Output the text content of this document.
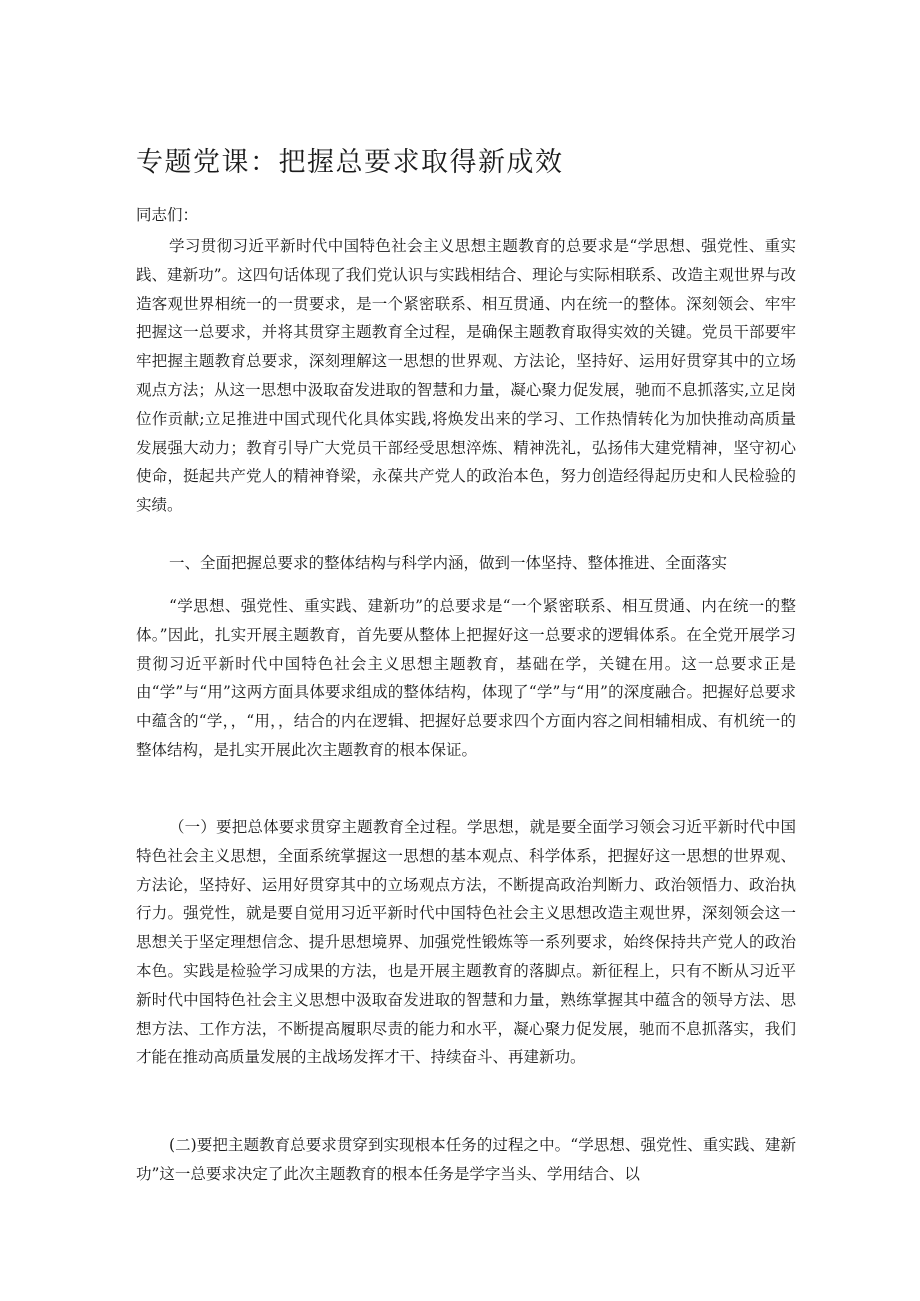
专题党课：把握总要求取得新成效

同志们：

学习贯彻习近平新时代中国特色社会主义思想主题教育的总要求是“学思想、强党性、重实践、建新功”。这四句话体现了我们党认识与实践相结合、理论与实际相联系、改造主观世界与改造客观世界相统一的一贯要求，是一个紧密联系、相互贯通、内在统一的整体。深刻领会、牢牢把握这一总要求，并将其贯穿主题教育全过程，是确保主题教育取得实效的关键。党员干部要牢牢把握主题教育总要求，深刻理解这一思想的世界观、方法论，坚持好、运用好贯穿其中的立场观点方法；从这一思想中汲取奋发进取的智慧和力量，凝心聚力促发展，驰而不息抓落实,立足岗位作贡献;立足推进中国式现代化具体实践,将焕发出来的学习、工作热情转化为加快推动高质量发展强大动力；教育引导广大党员干部经受思想淬炼、精神洗礼，弘扬伟大建党精神，坚守初心使命，挺起共产党人的精神脊梁，永葆共产党人的政治本色，努力创造经得起历史和人民检验的实绩。

一、全面把握总要求的整体结构与科学内涵，做到一体坚持、整体推进、全面落实

“学思想、强党性、重实践、建新功”的总要求是“一个紧密联系、相互贯通、内在统一的整体。”因此，扎实开展主题教育，首先要从整体上把握好这一总要求的逻辑体系。在全党开展学习贯彻习近平新时代中国特色社会主义思想主题教育，基础在学，关键在用。这一总要求正是由“学”与“用”这两方面具体要求组成的整体结构，体现了“学”与“用”的深度融合。把握好总要求中蕴含的“学，，“用，，结合的内在逻辑、把握好总要求四个方面内容之间相辅相成、有机统一的整体结构，是扎实开展此次主题教育的根本保证。

（一）要把总体要求贯穿主题教育全过程。学思想，就是要全面学习领会习近平新时代中国特色社会主义思想，全面系统掌握这一思想的基本观点、科学体系，把握好这一思想的世界观、方法论，坚持好、运用好贯穿其中的立场观点方法，不断提高政治判断力、政治领悟力、政治执行力。强党性，就是要自觉用习近平新时代中国特色社会主义思想改造主观世界，深刻领会这一思想关于坚定理想信念、提升思想境界、加强党性锻炼等一系列要求，始终保持共产党人的政治本色。实践是检验学习成果的方法，也是开展主题教育的落脚点。新征程上，只有不断从习近平新时代中国特色社会主义思想中汲取奋发进取的智慧和力量，熟练掌握其中蕴含的领导方法、思想方法、工作方法，不断提高履职尽责的能力和水平，凝心聚力促发展，驰而不息抓落实，我们才能在推动高质量发展的主战场发挥才干、持续奋斗、再建新功。

(二)要把主题教育总要求贯穿到实现根本任务的过程之中。“学思想、强党性、重实践、建新功”这一总要求决定了此次主题教育的根本任务是学字当头、学用结合、以
